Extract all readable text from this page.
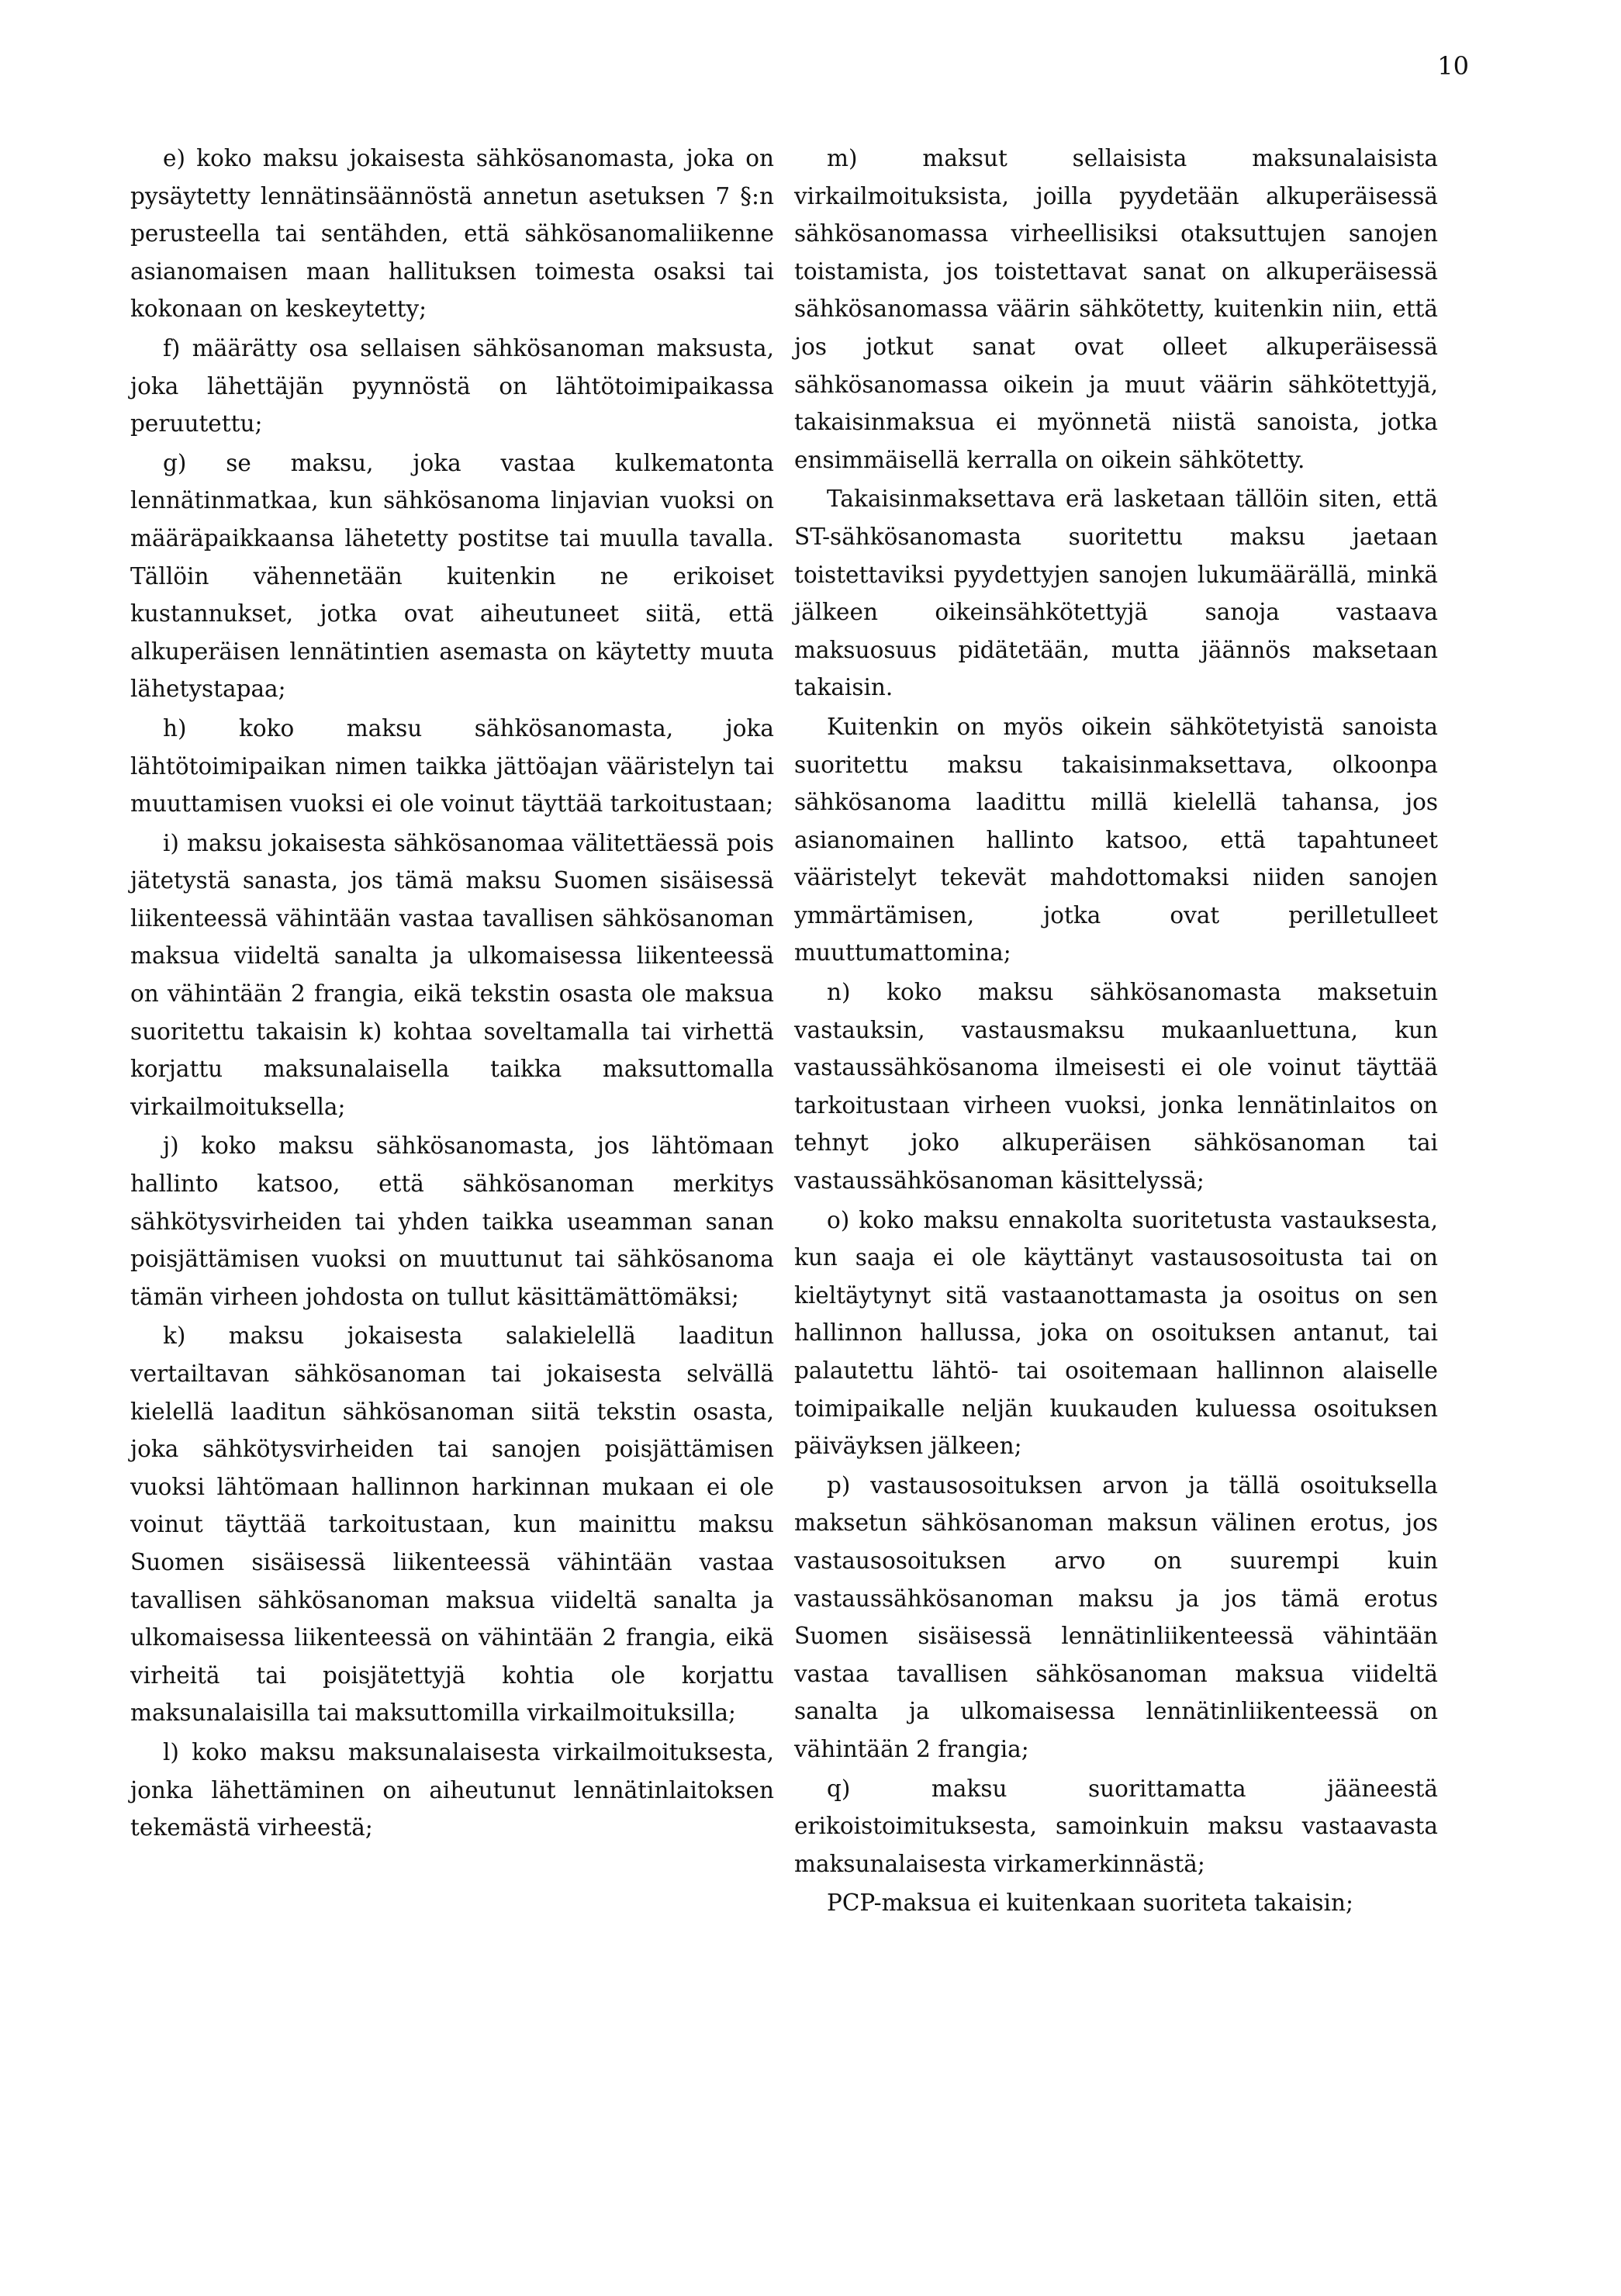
10

e) koko maksu jokaisesta sähkösanomasta, joka on pysäytetty lennätinsäännöstä annetun asetuksen 7 §:n perusteella tai sentähden, että sähkösanomaliikenne asianomaisen maan hallituksen toimesta osaksi tai kokonaan on keskeytetty;

f) määrätty osa sellaisen sähkösanoman maksusta, joka lähettäjän pyynnöstä on lähtötoimipaikassa peruutettu;

g) se maksu, joka vastaa kulkematonta lennätinmatkaa, kun sähkösanoma linjavian vuoksi on määräpaikkaansa lähetetty postitse tai muulla tavalla. Tällöin vähennetään kuitenkin ne erikoiset kustannukset, jotka ovat aiheutuneet siitä, että alkuperäisen lennätintien asemasta on käytetty muuta lähetystapaa;

h) koko maksu sähkösanomasta, joka lähtötoimipaikan nimen taikka jättöajan vääristelyn tai muuttamisen vuoksi ei ole voinut täyttää tarkoitustaan;

i) maksu jokaisesta sähkösanomaa välitettäessä pois jätetystä sanasta, jos tämä maksu Suomen sisäisessä liikenteessä vähintään vastaa tavallisen sähkösanoman maksua viideltä sanalta ja ulkomaisessa liikenteessä on vähintään 2 frangia, eikä tekstin osasta ole maksua suoritettu takaisin k) kohtaa soveltamalla tai virhettä korjattu maksunalaisella taikka maksuttomalla virkailmoituksella;

j) koko maksu sähkösanomasta, jos lähtömaan hallinto katsoo, että sähkösanoman merkitys sähkötysvirheiden tai yhden taikka useamman sanan poisjättämisen vuoksi on muuttunut tai sähkösanoma tämän virheen johdosta on tullut käsittämättömäksi;

k) maksu jokaisesta salakielellä laaditun vertailtavan sähkösanoman tai jokaisesta selvällä kielellä laaditun sähkösanoman siitä tekstin osasta, joka sähkötysvirheiden tai sanojen poisjättämisen vuoksi lähtömaan hallinnon harkinnan mukaan ei ole voinut täyttää tarkoitustaan, kun mainittu maksu Suomen sisäisessä liikenteessä vähintään vastaa tavallisen sähkösanoman maksua viideltä sanalta ja ulkomaisessa liikenteessä on vähintään 2 frangia, eikä virheitä tai poisjätettyjä kohtia ole korjattu maksunalaisilla tai maksuttomilla virkailmoituksilla;

l) koko maksu maksunalaisesta virkailmoituksesta, jonka lähettäminen on aiheutunut lennätinlaitoksen tekemästä virheestä;

m) maksut sellaisista maksunalaisista virkailmoituksista, joilla pyydetään alkuperäisessä sähkösanomassa virheellisiksi otaksuttujen sanojen toistamista, jos toistettavat sanat on alkuperäisessä sähkösanomassa väärin sähkötetty, kuitenkin niin, että jos jotkut sanat ovat olleet alkuperäisessä sähkösanomassa oikein ja muut väärin sähkötettyjä, takaisinmaksua ei myönnetä niistä sanoista, jotka ensimmäisellä kerralla on oikein sähkötetty.

Takaisinmaksettava erä lasketaan tällöin siten, että ST-sähkösanomasta suoritettu maksu jaetaan toistettaviksi pyydettyjen sanojen lukumäärällä, minkä jälkeen oikeinsähkötettyjä sanoja vastaava maksuosuus pidätetään, mutta jäännös maksetaan takaisin.

Kuitenkin on myös oikein sähkötetyistä sanoista suoritettu maksu takaisinmaksettava, olkoonpa sähkösanoma laadittu millä kielellä tahansa, jos asianomainen hallinto katsoo, että tapahtuneet vääristelyt tekevät mahdottomaksi niiden sanojen ymmärtämisen, jotka ovat perilletulleet muuttumattomina;

n) koko maksu sähkösanomasta maksetuin vastauksin, vastausmaksu mukaanluettuna, kun vastaussähkösanoma ilmeisesti ei ole voinut täyttää tarkoitustaan virheen vuoksi, jonka lennätinlaitos on tehnyt joko alkuperäisen sähkösanoman tai vastaussähkösanoman käsittelyssä;

o) koko maksu ennakolta suoritetusta vastauksesta, kun saaja ei ole käyttänyt vastausosoitusta tai on kieltäytynyt sitä vastaanottamasta ja osoitus on sen hallinnon hallussa, joka on osoituksen antanut, tai palautettu lähtö- tai osoitemaan hallinnon alaiselle toimipaikalle neljän kuukauden kuluessa osoituksen päiväyksen jälkeen;

p) vastausosoituksen arvon ja tällä osoituksella maksetun sähkösanoman maksun välinen erotus, jos vastausosoituksen arvo on suurempi kuin vastaussähkösanoman maksu ja jos tämä erotus Suomen sisäisessä lennätinliikenteessä vähintään vastaa tavallisen sähkösanoman maksua viideltä sanalta ja ulkomaisessa lennätinliikenteessä on vähintään 2 frangia;

q) maksu suorittamatta jääneestä erikoistoimituksesta, samoinkuin maksu vastaavasta maksunalaisesta virkamerkinnästä;

PCP-maksua ei kuitenkaan suoriteta takaisin;
